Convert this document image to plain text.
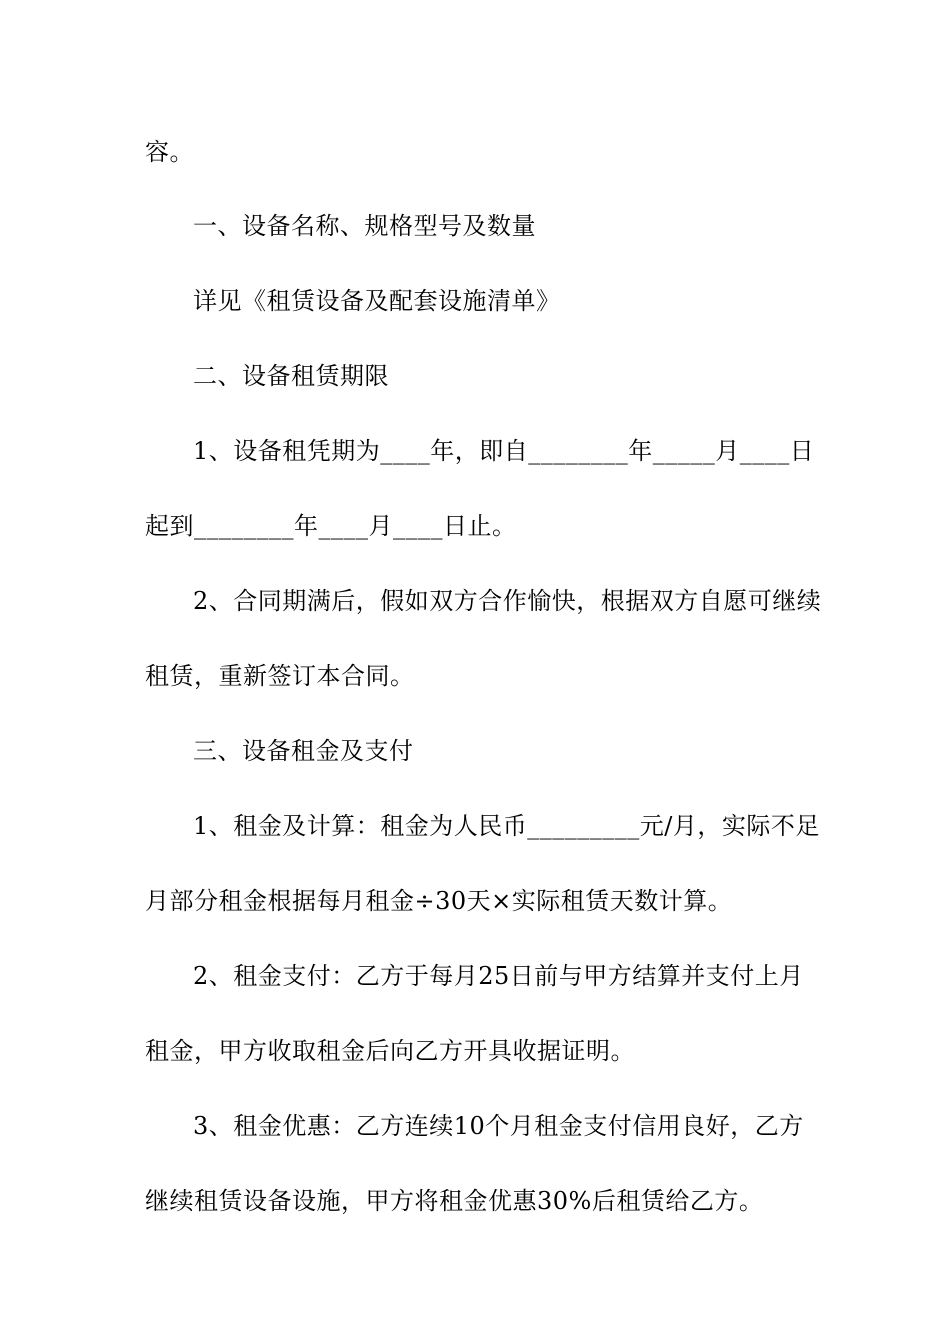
容。
一、设备名称、规格型号及数量
详见《租赁设备及配套设施清单》
二、设备租赁期限
1、设备租凭期为____年，即自________年_____月____日
起到________年____月____日止。
2、合同期满后，假如双方合作愉快，根据双方自愿可继续
租赁，重新签订本合同。
三、设备租金及支付
1、租金及计算：租金为人民币_________元/月，实际不足
月部分租金根据每月租金÷30天×实际租赁天数计算。
2、租金支付：乙方于每月25日前与甲方结算并支付上月
租金，甲方收取租金后向乙方开具收据证明。
3、租金优惠：乙方连续10个月租金支付信用良好，乙方
继续租赁设备设施，甲方将租金优惠30%后租赁给乙方。
